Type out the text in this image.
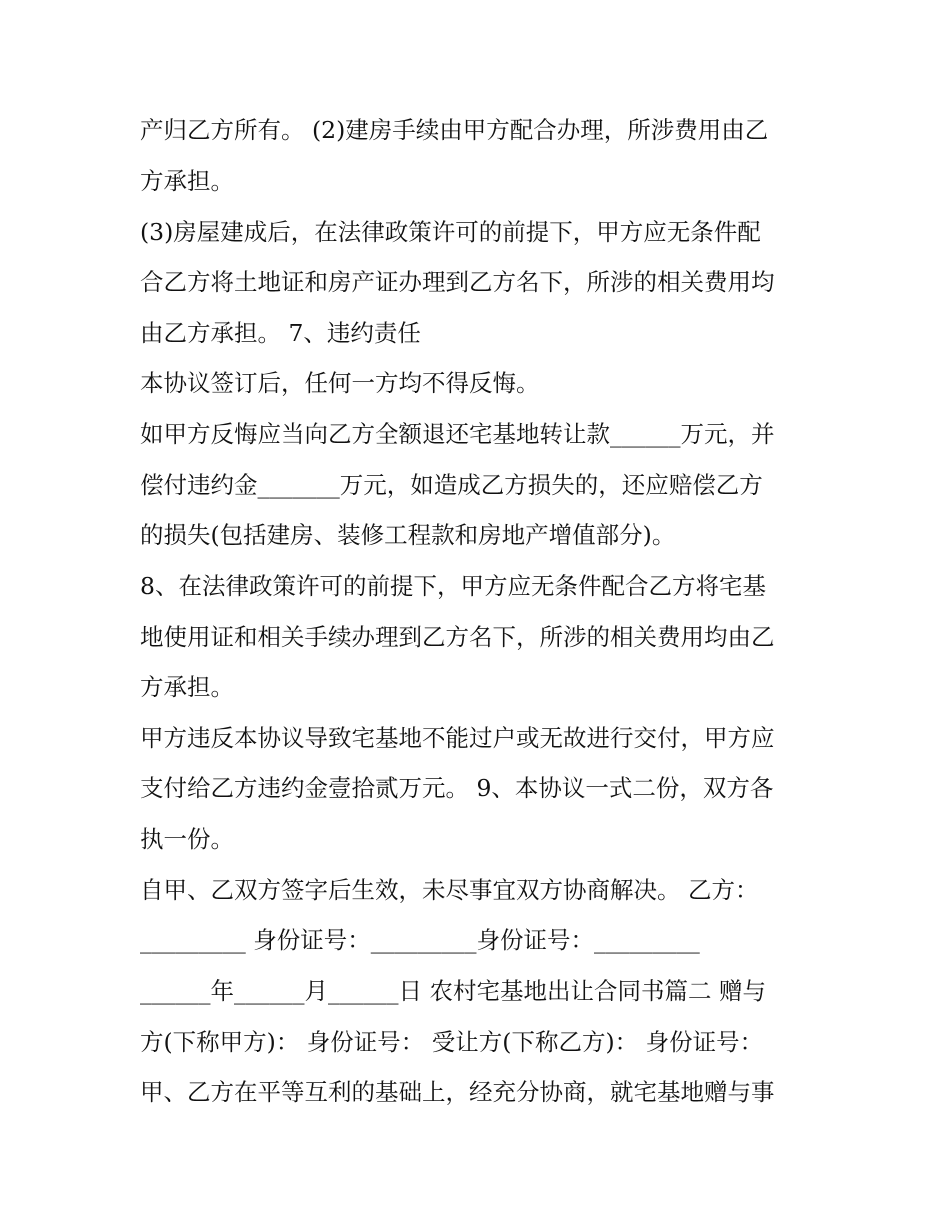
产归乙方所有。 (2)建房手续由甲方配合办理，所涉费用由乙
方承担。
(3)房屋建成后，在法律政策许可的前提下，甲方应无条件配
合乙方将土地证和房产证办理到乙方名下，所涉的相关费用均
由乙方承担。 7、违约责任
本协议签订后，任何一方均不得反悔。
如甲方反悔应当向乙方全额退还宅基地转让款______万元，并
偿付违约金_______万元，如造成乙方损失的，还应赔偿乙方
的损失(包括建房、装修工程款和房地产增值部分)。
8、在法律政策许可的前提下，甲方应无条件配合乙方将宅基
地使用证和相关手续办理到乙方名下，所涉的相关费用均由乙
方承担。
甲方违反本协议导致宅基地不能过户或无故进行交付，甲方应
支付给乙方违约金壹拾贰万元。 9、本协议一式二份，双方各
执一份。
自甲、乙双方签字后生效，未尽事宜双方协商解决。 乙方：
_________ 身份证号：_________身份证号：_________
______年______月______日 农村宅基地出让合同书篇二 赠与
方(下称甲方)： 身份证号： 受让方(下称乙方)： 身份证号：
甲、乙方在平等互利的基础上，经充分协商，就宅基地赠与事
